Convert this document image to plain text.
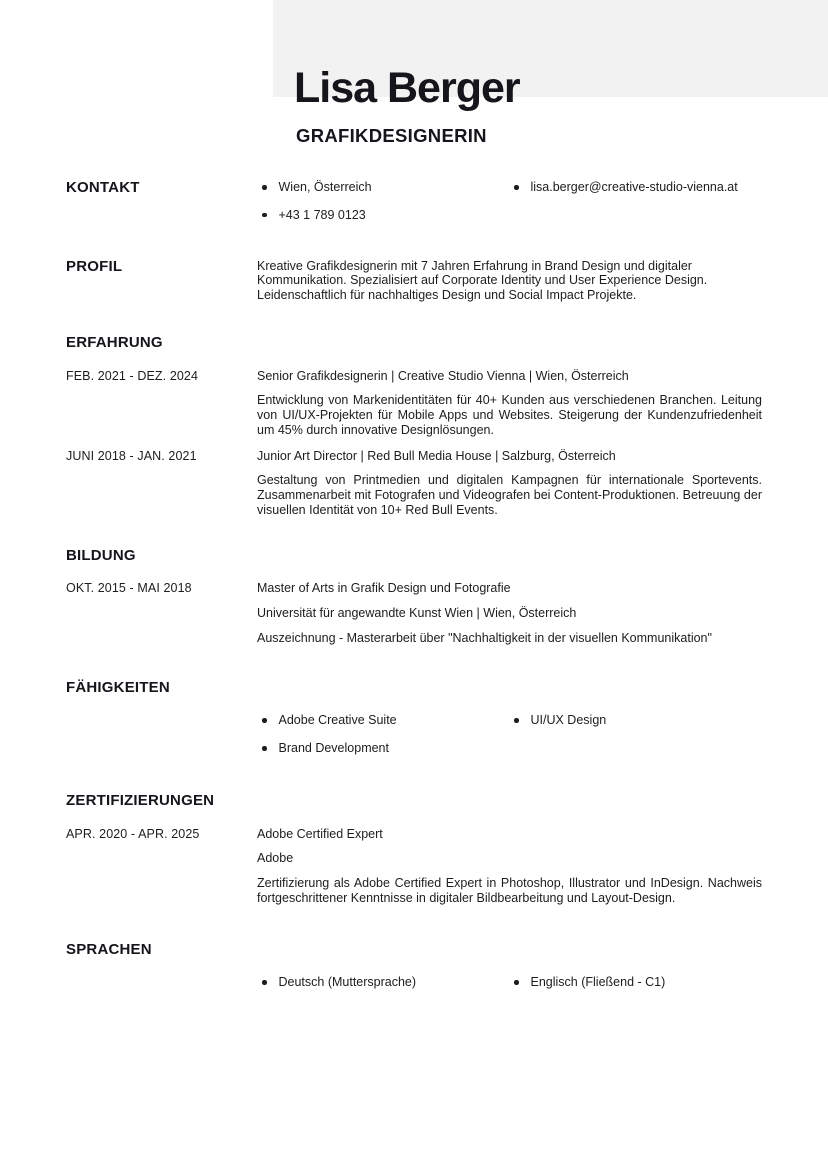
Lisa Berger
GRAFIKDESIGNERIN
KONTAKT	Wien, Österreich	lisa.berger@creative-studio-vienna.at
+43 1 789 0123
PROFIL	Kreative Grafikdesignerin mit 7 Jahren Erfahrung in Brand Design und digitaler Kommunikation. Spezialisiert auf Corporate Identity und User Experience Design. Leidenschaftlich für nachhaltiges Design und Social Impact Projekte.
ERFAHRUNG
FEB. 2021 - DEZ. 2024	Senior Grafikdesignerin | Creative Studio Vienna | Wien, Österreich
Entwicklung von Markenidentitäten für 40+ Kunden aus verschiedenen Branchen. Leitung von UI/UX-Projekten für Mobile Apps und Websites. Steigerung der Kundenzufriedenheit um 45% durch innovative Designlösungen.
JUNI 2018 - JAN. 2021	Junior Art Director | Red Bull Media House | Salzburg, Österreich
Gestaltung von Printmedien und digitalen Kampagnen für internationale Sportevents. Zusammenarbeit mit Fotografen und Videografen bei Content-Produktionen. Betreuung der visuellen Identität von 10+ Red Bull Events.
BILDUNG
OKT. 2015 - MAI 2018	Master of Arts in Grafik Design und Fotografie
Universität für angewandte Kunst Wien | Wien, Österreich
Auszeichnung - Masterarbeit über "Nachhaltigkeit in der visuellen Kommunikation"
FÄHIGKEITEN
Adobe Creative Suite	UI/UX Design
Brand Development
ZERTIFIZIERUNGEN
APR. 2020 - APR. 2025	Adobe Certified Expert
Adobe
Zertifizierung als Adobe Certified Expert in Photoshop, Illustrator und InDesign. Nachweis fortgeschrittener Kenntnisse in digitaler Bildbearbeitung und Layout-Design.
SPRACHEN
Deutsch (Muttersprache)	Englisch (Fließend - C1)
